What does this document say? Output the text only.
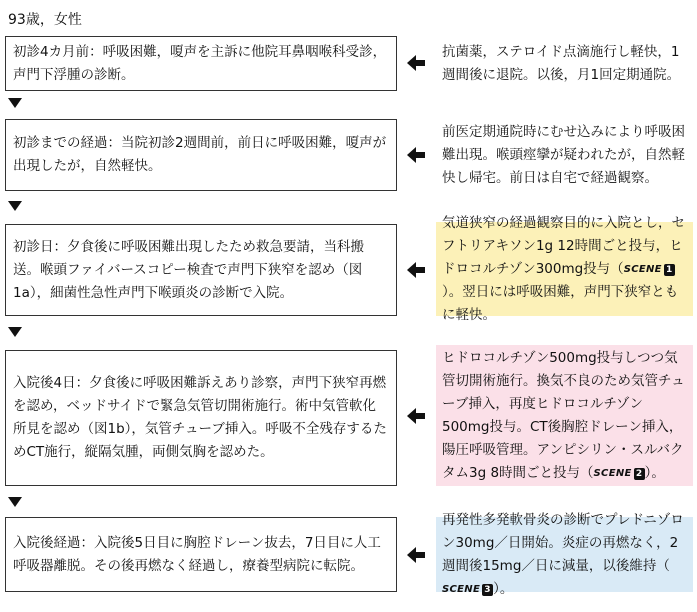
93歳，女性
初診4カ月前：呼吸困難，嗄声を主訴に他院耳鼻咽喉科受診，声門下浮腫の診断。
抗菌薬，ステロイド点滴施行し軽快，1週間後に退院。以後，月1回定期通院。
初診までの経過：当院初診2週間前，前日に呼吸困難，嗄声が出現したが，自然軽快。
前医定期通院時にむせ込みにより呼吸困難出現。喉頭痙攣が疑われたが，自然軽快し帰宅。前日は自宅で経過観察。
初診日：夕食後に呼吸困難出現したため救急要請，当科搬送。喉頭ファイバースコピー検査で声門下狭窄を認め（図1a），細菌性急性声門下喉頭炎の診断で入院。
気道狭窄の経過観察目的に入院とし，セフトリアキソン1g 12時間ごと投与，ヒドロコルチゾン300mg投与（SCENE 1）。翌日には呼吸困難，声門下狭窄ともに軽快。
入院後4日：夕食後に呼吸困難訴えあり診察，声門下狭窄再燃を認め，ベッドサイドで緊急気管切開術施行。術中気管軟化所見を認め（図1b），気管チューブ挿入。呼吸不全残存するためCT施行，縦隔気腫，両側気胸を認めた。
ヒドロコルチゾン500mg投与しつつ気管切開術施行。換気不良のため気管チューブ挿入，再度ヒドロコルチゾン500mg投与。CT後胸腔ドレーン挿入，陽圧呼吸管理。アンピシリン・スルバクタム3g 8時間ごと投与（SCENE 2 ）。
入院後経過：入院後5日目に胸腔ドレーン抜去，7日目に人工呼吸器離脱。その後再燃なく経過し，療養型病院に転院。
再発性多発軟骨炎の診断でプレドニゾロン30mg／日開始。炎症の再燃なく，2週間後15mg／日に減量，以後維持（SCENE 3 ）。
